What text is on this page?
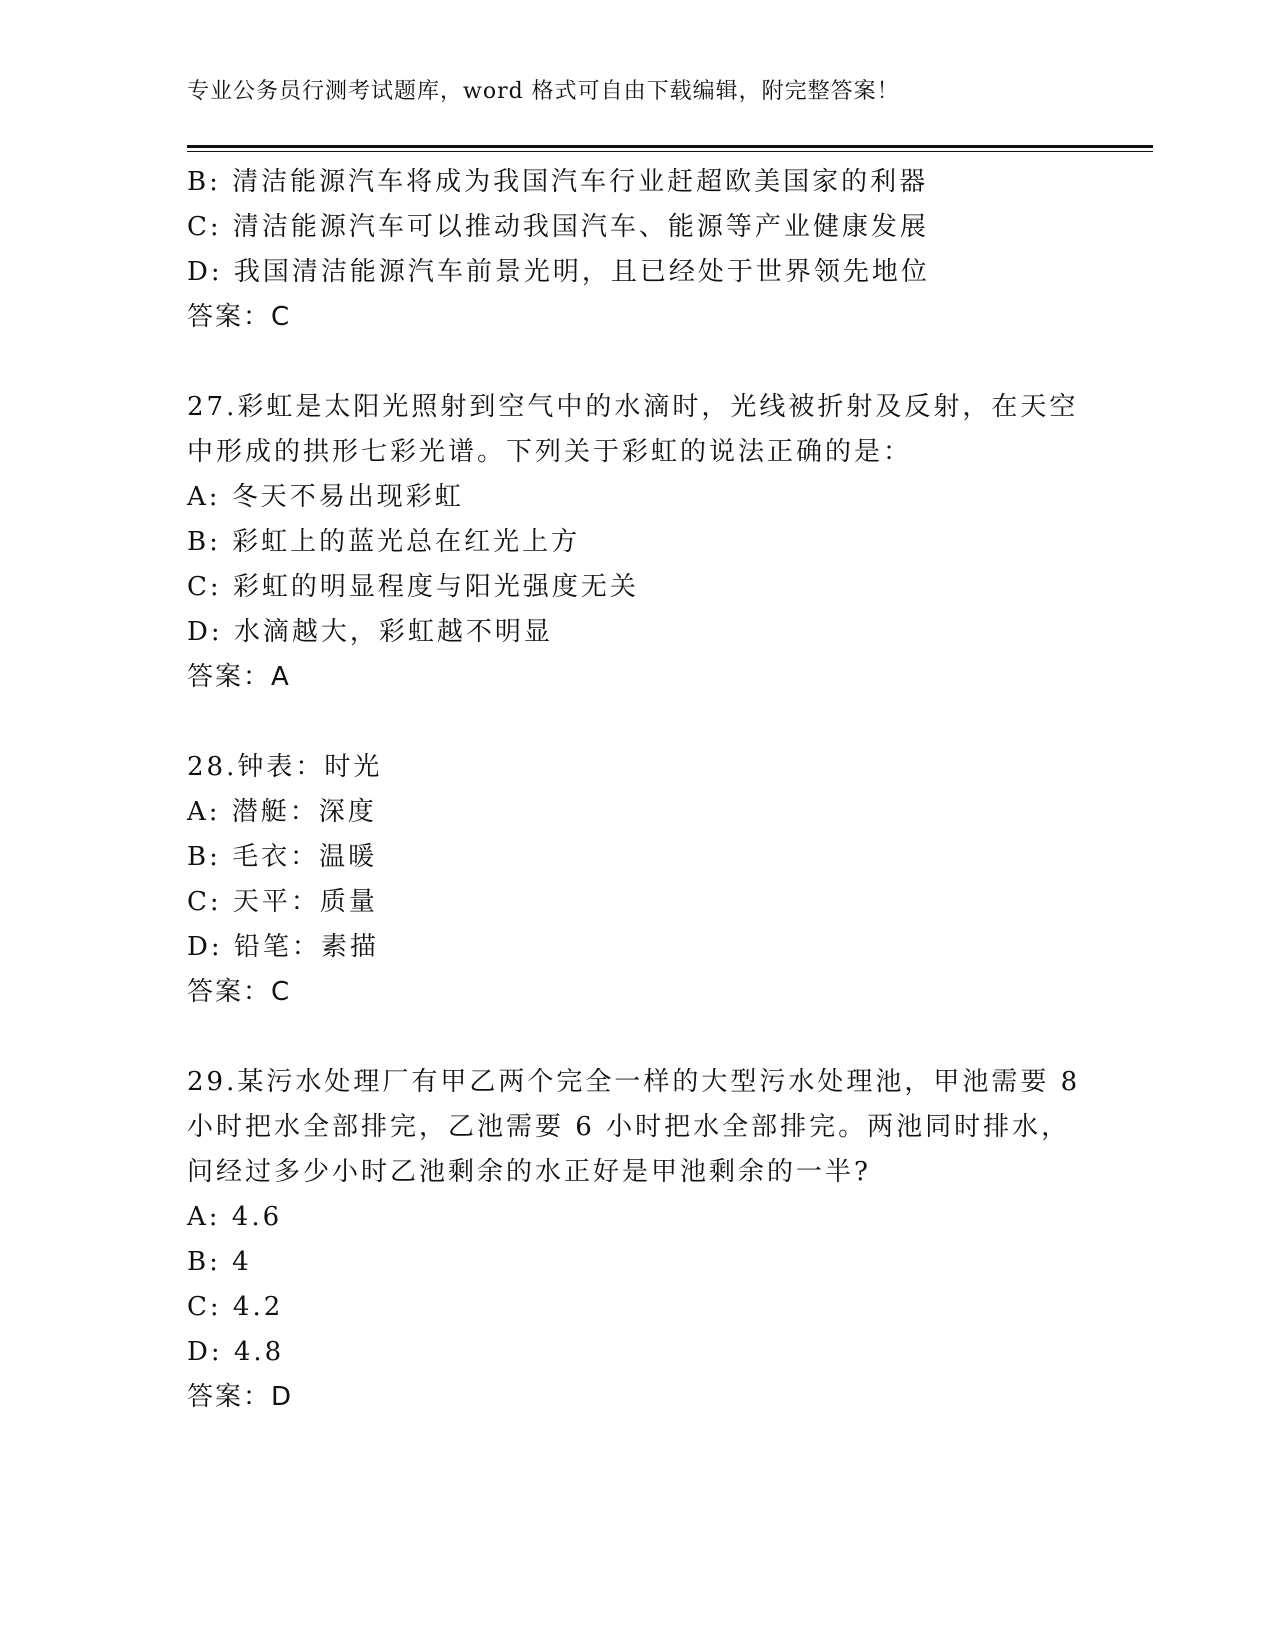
专业公务员行测考试题库，word 格式可自由下载编辑，附完整答案！
B: 清洁能源汽车将成为我国汽车行业赶超欧美国家的利器
C: 清洁能源汽车可以推动我国汽车、能源等产业健康发展
D: 我国清洁能源汽车前景光明，且已经处于世界领先地位
答案：C
27.彩虹是太阳光照射到空气中的水滴时，光线被折射及反射，在天空
中形成的拱形七彩光谱。下列关于彩虹的说法正确的是：
A: 冬天不易出现彩虹
B: 彩虹上的蓝光总在红光上方
C: 彩虹的明显程度与阳光强度无关
D: 水滴越大，彩虹越不明显
答案：A
28.钟表：时光
A: 潜艇：深度
B: 毛衣：温暖
C: 天平：质量
D: 铅笔：素描
答案：C
29.某污水处理厂有甲乙两个完全一样的大型污水处理池，甲池需要 8
小时把水全部排完，乙池需要 6 小时把水全部排完。两池同时排水，
问经过多少小时乙池剩余的水正好是甲池剩余的一半?
A: 4.6
B: 4
C: 4.2
D: 4.8
答案：D
